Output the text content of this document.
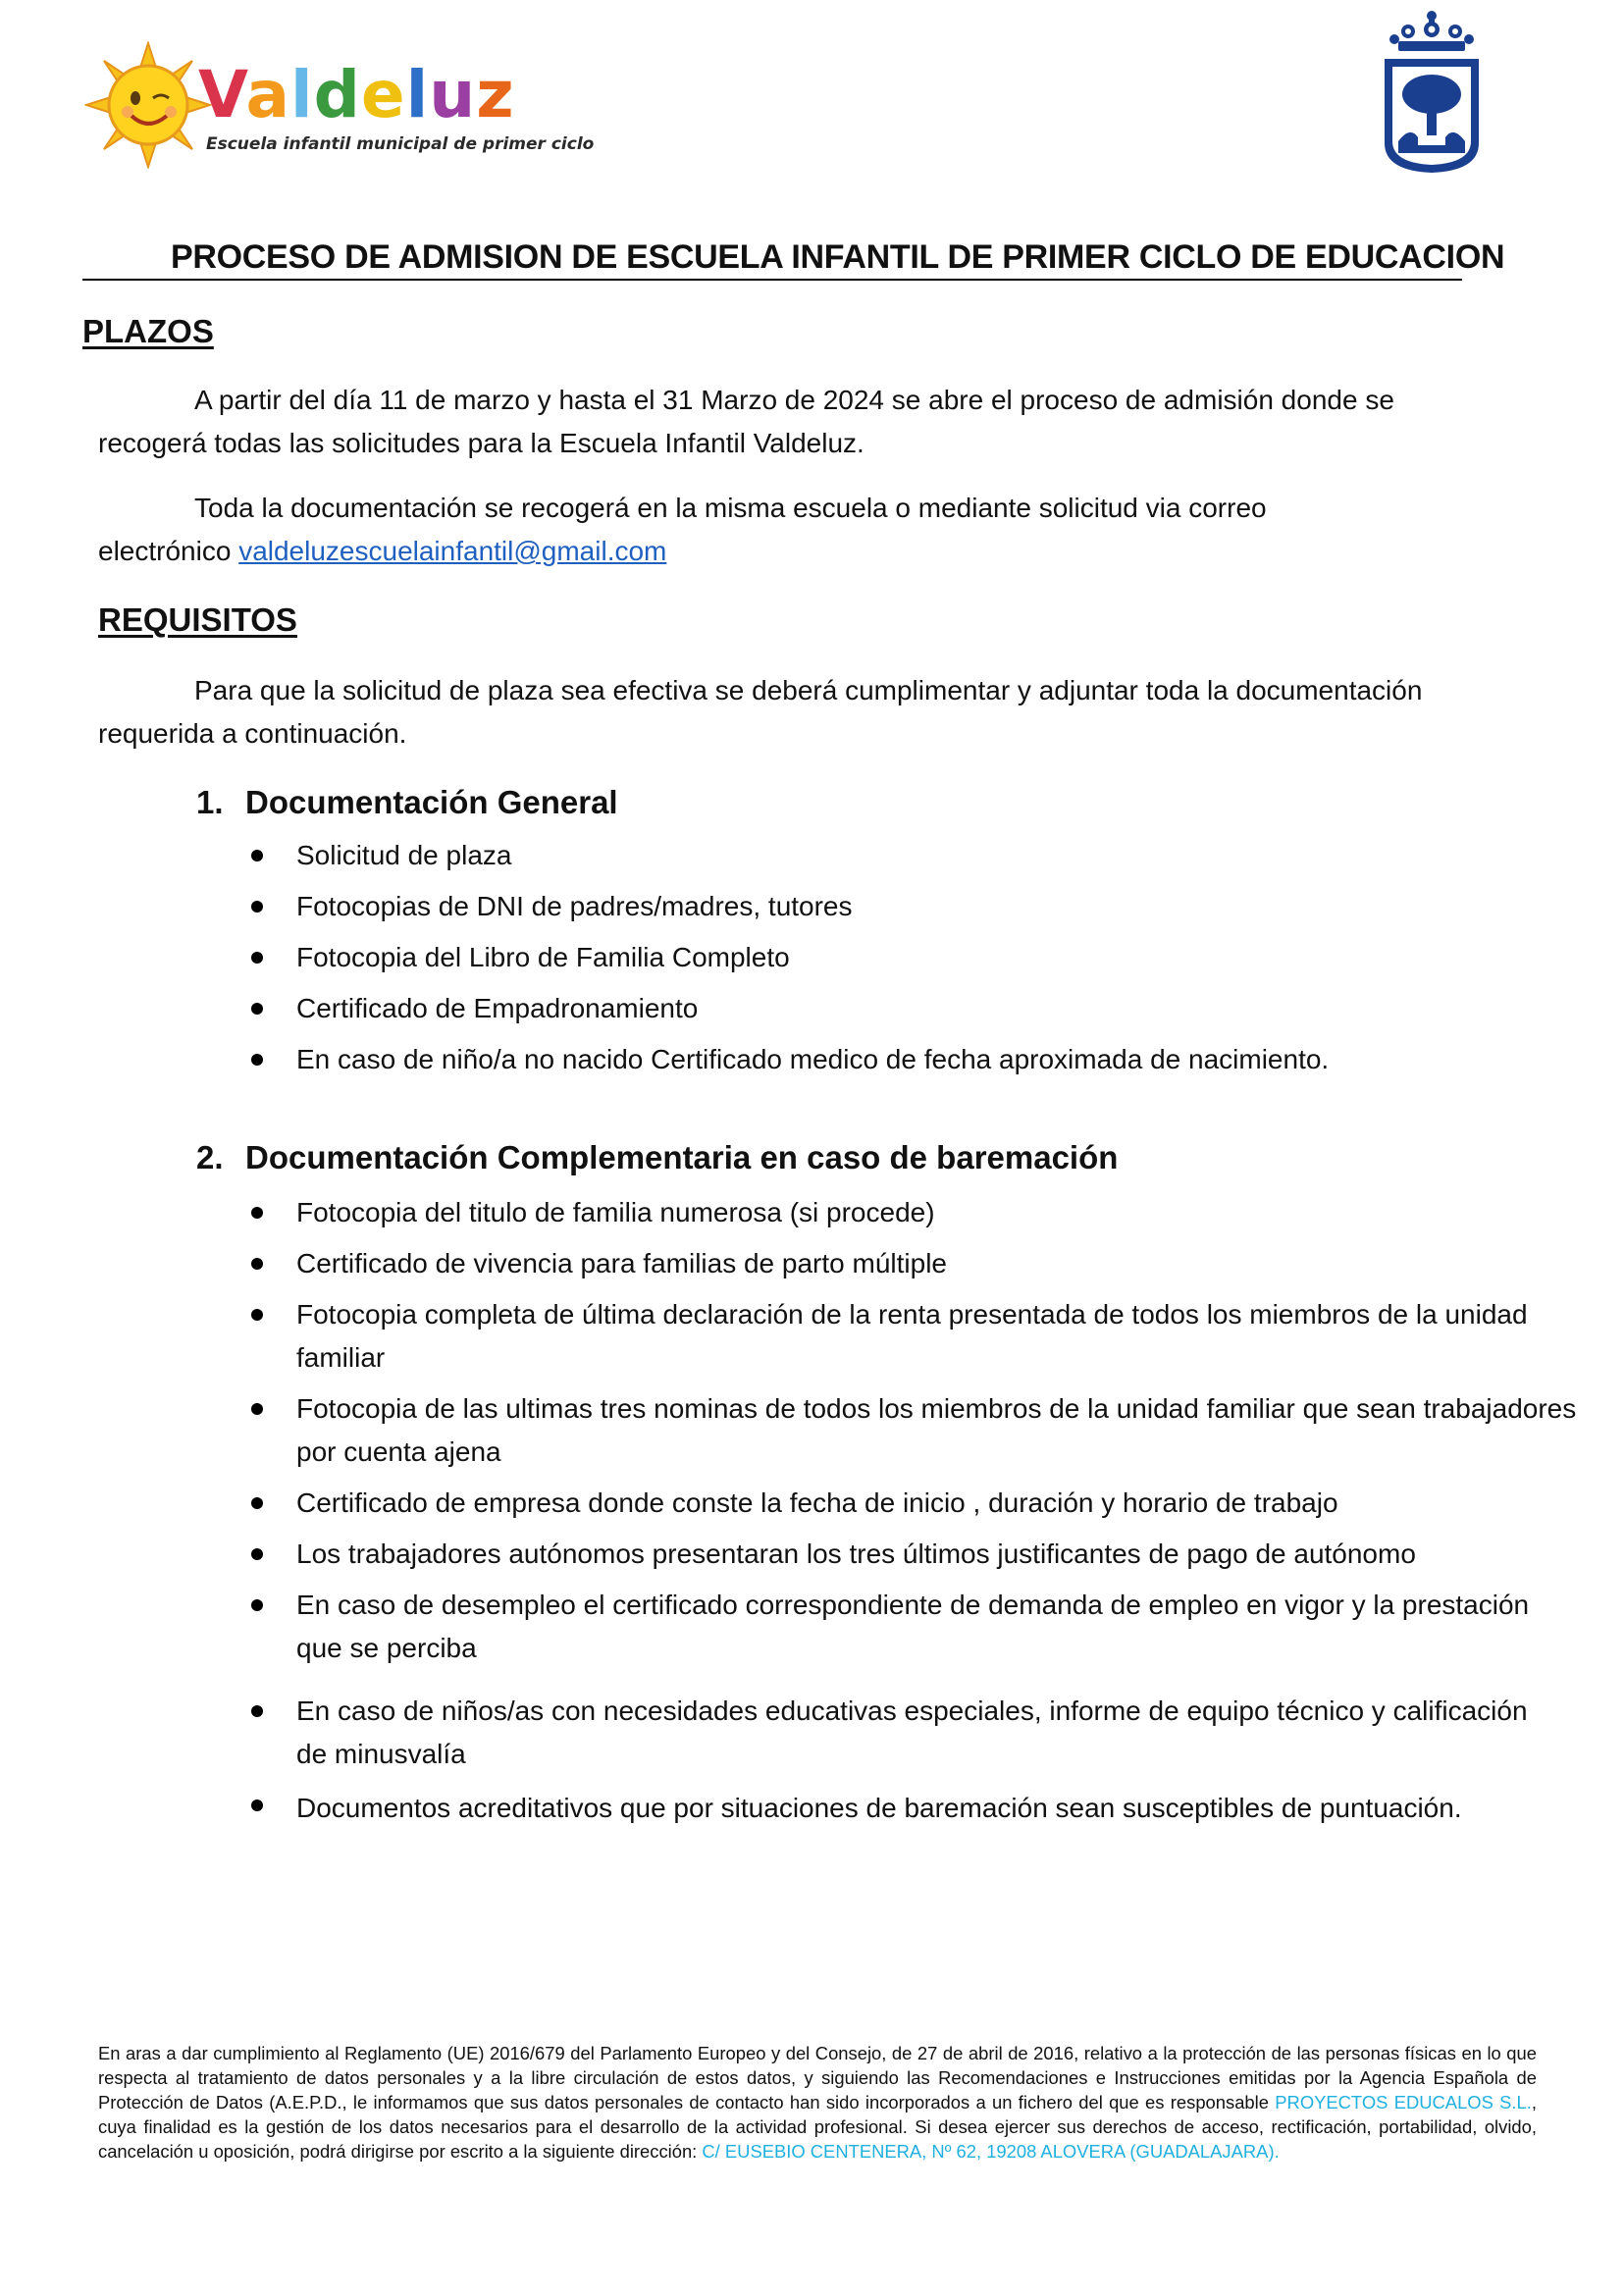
Valdeluz
Escuela infantil municipal de primer ciclo
PROCESO DE ADMISION DE ESCUELA INFANTIL DE PRIMER CICLO DE EDUCACION
PLAZOS
A partir del día 11 de marzo y hasta el 31 Marzo de 2024 se abre el proceso de admisión donde se
recogerá todas las solicitudes para la Escuela Infantil Valdeluz.
Toda la documentación se recogerá en la misma escuela o mediante solicitud via correo
electrónico valdeluzescuelainfantil@gmail.com
REQUISITOS
Para que la solicitud de plaza sea efectiva se deberá cumplimentar y adjuntar toda la documentación
requerida a continuación.
1. Documentación General
Solicitud de plaza
Fotocopias de DNI de padres/madres, tutores
Fotocopia del Libro de Familia Completo
Certificado de Empadronamiento
En caso de niño/a no nacido Certificado medico de fecha aproximada de nacimiento.
2. Documentación Complementaria en caso de baremación
Fotocopia del titulo de familia numerosa (si procede)
Certificado de vivencia para familias de parto múltiple
Fotocopia completa de última declaración de la renta presentada de todos los miembros de la unidad familiar
Fotocopia de las ultimas tres nominas de todos los miembros de la unidad familiar que sean trabajadores por cuenta ajena
Certificado de empresa donde conste la fecha de inicio , duración y horario de trabajo
Los trabajadores autónomos presentaran los tres últimos justificantes de pago de autónomo
En caso de desempleo el certificado correspondiente de demanda de empleo en vigor y la prestación que se perciba
En caso de niños/as con necesidades educativas especiales, informe de equipo técnico y calificación de minusvalía
Documentos acreditativos que por situaciones de baremación sean susceptibles de puntuación.
En aras a dar cumplimiento al Reglamento (UE) 2016/679 del Parlamento Europeo y del Consejo, de 27 de abril de 2016, relativo a la protección de las personas físicas en lo que respecta al tratamiento de datos personales y a la libre circulación de estos datos, y siguiendo las Recomendaciones e Instrucciones emitidas por la Agencia Española de Protección de Datos (A.E.P.D., le informamos que sus datos personales de contacto han sido incorporados a un fichero del que es responsable PROYECTOS EDUCALOS S.L., cuya finalidad es la gestión de los datos necesarios para el desarrollo de la actividad profesional. Si desea ejercer sus derechos de acceso, rectificación, portabilidad, olvido, cancelación u oposición, podrá dirigirse por escrito a la siguiente dirección: C/ EUSEBIO CENTENERA, Nº 62, 19208 ALOVERA (GUADALAJARA).
